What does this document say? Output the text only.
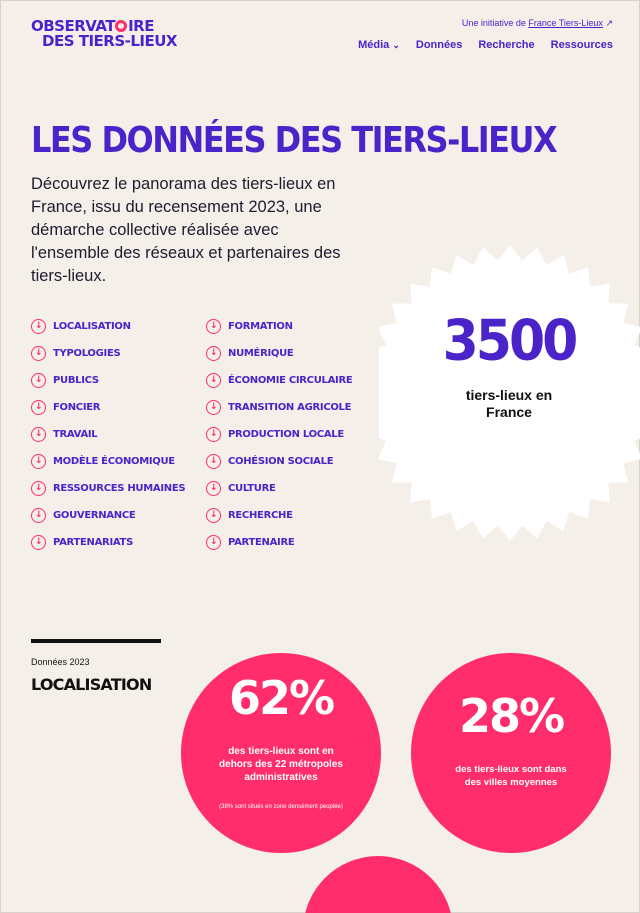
OBSERVAT IRE
DES TIERS-LIEUX
Une initiative de France Tiers-Lieux ↗
Média ⌄ Données Recherche Ressources
LES DONNÉES DES TIERS-LIEUX

Découvrez le panorama des tiers-lieux en France, issu du recensement 2023, une démarche collective réalisée avec l'ensemble des réseaux et partenaires des tiers-lieux.

↓	LOCALISATION
↓	TYPOLOGIES
↓	PUBLICS
↓	FONCIER
↓	TRAVAIL
↓	MODÈLE ÉCONOMIQUE
↓	RESSOURCES HUMAINES
↓	GOUVERNANCE
↓	PARTENARIATS
↓	FORMATION
↓	NUMÉRIQUE
↓	ÉCONOMIE CIRCULAIRE
↓	TRANSITION AGRICOLE
↓	PRODUCTION LOCALE
↓	COHÉSION SOCIALE
↓	CULTURE
↓	RECHERCHE
↓	PARTENAIRE
3500
tiers-lieux en France
Données 2023
LOCALISATION	62%
des tiers-lieux sont en dehors des 22 métropoles administratives
(38% sont situés en zone densément peuplée)
28%
des tiers-lieux sont dans des villes moyennes
